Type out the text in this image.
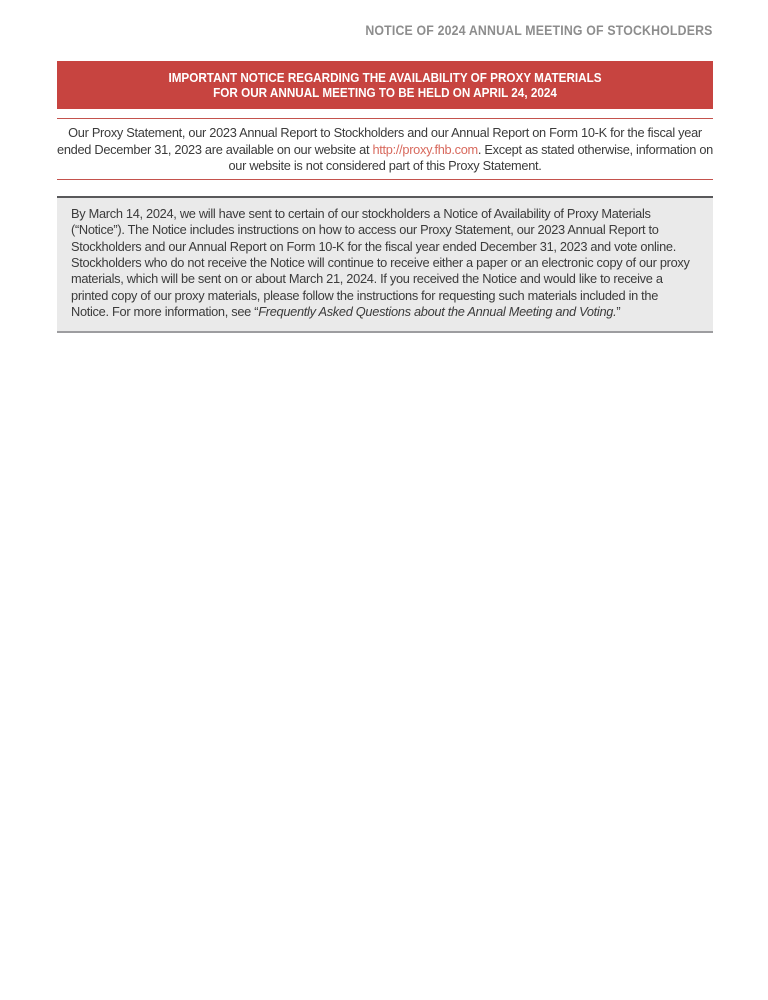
NOTICE OF 2024 ANNUAL MEETING OF STOCKHOLDERS
IMPORTANT NOTICE REGARDING THE AVAILABILITY OF PROXY MATERIALS
FOR OUR ANNUAL MEETING TO BE HELD ON APRIL 24, 2024

Our Proxy Statement, our 2023 Annual Report to Stockholders and our Annual Report on Form 10-K for the fiscal year ended December 31, 2023 are available on our website at http://proxy.fhb.com. Except as stated otherwise, information on our website is not considered part of this Proxy Statement.

By March 14, 2024, we will have sent to certain of our stockholders a Notice of Availability of Proxy Materials (“Notice”). The Notice includes instructions on how to access our Proxy Statement, our 2023 Annual Report to Stockholders and our Annual Report on Form 10-K for the fiscal year ended December 31, 2023 and vote online. Stockholders who do not receive the Notice will continue to receive either a paper or an electronic copy of our proxy materials, which will be sent on or about March 21, 2024. If you received the Notice and would like to receive a printed copy of our proxy materials, please follow the instructions for requesting such materials included in the Notice. For more information, see “Frequently Asked Questions about the Annual Meeting and Voting.”
